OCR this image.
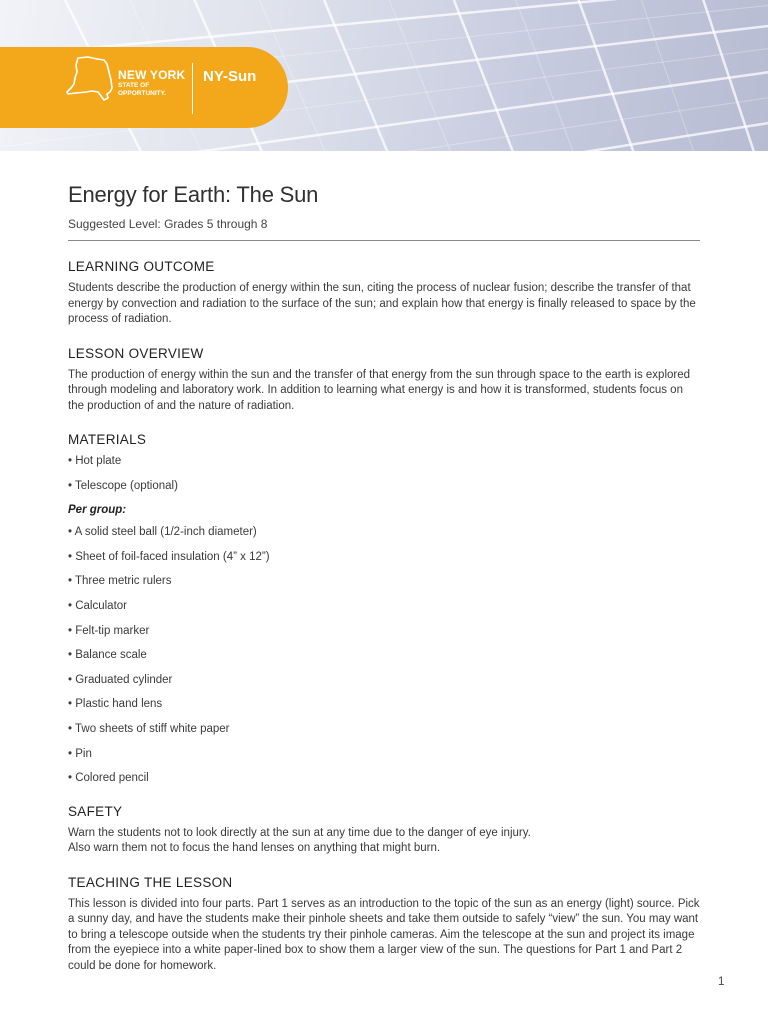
NEW YORK
STATE OF OPPORTUNITY.
NY-Sun
Energy for Earth: The Sun
Suggested Level: Grades 5 through 8
LEARNING OUTCOME

Students describe the production of energy within the sun, citing the process of nuclear fusion; describe the transfer of that energy by convection and radiation to the surface of the sun; and explain how that energy is finally released to space by the process of radiation.

LESSON OVERVIEW

The production of energy within the sun and the transfer of that energy from the sun through space to the earth is explored through modeling and laboratory work. In addition to learning what energy is and how it is transformed, students focus on the production of and the nature of radiation.

MATERIALS
• Hot plate
• Telescope (optional)
Per group:
• A solid steel ball (1/2-inch diameter)
• Sheet of foil-faced insulation (4” x 12”)
• Three metric rulers
• Calculator
• Felt-tip marker
• Balance scale
• Graduated cylinder
• Plastic hand lens
• Two sheets of stiff white paper
• Pin
• Colored pencil
SAFETY

Warn the students not to look directly at the sun at any time due to the danger of eye injury.

Also warn them not to focus the hand lenses on anything that might burn.

TEACHING THE LESSON

This lesson is divided into four parts. Part 1 serves as an introduction to the topic of the sun as an energy (light) source. Pick a sunny day, and have the students make their pinhole sheets and take them outside to safely “view” the sun. You may want to bring a telescope outside when the students try their pinhole cameras. Aim the telescope at the sun and project its image from the eyepiece into a white paper-lined box to show them a larger view of the sun. The questions for Part 1 and Part 2 could be done for homework.

1
